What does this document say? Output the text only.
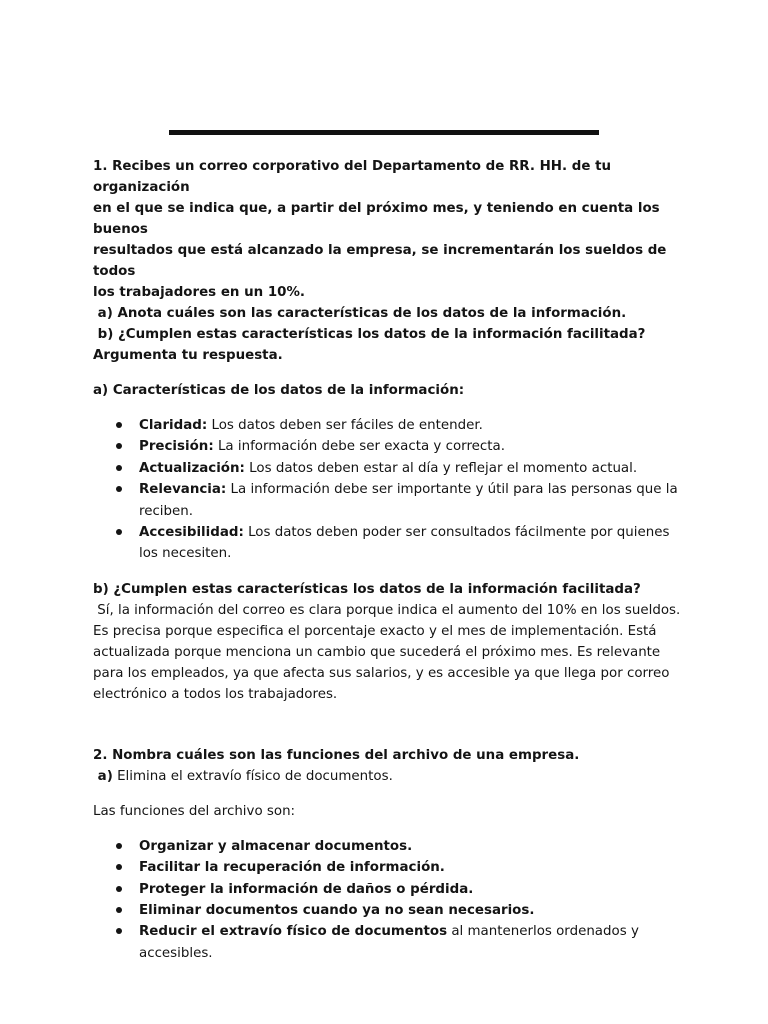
1. Recibes un correo corporativo del Departamento de RR. HH. de tu organización

en el que se indica que, a partir del próximo mes, y teniendo en cuenta los buenos

resultados que está alcanzado la empresa, se incrementarán los sueldos de todos

los trabajadores en un 10%.

a) Anota cuáles son las características de los datos de la información.

b) ¿Cumplen estas características los datos de la información facilitada?

Argumenta tu respuesta.

a) Características de los datos de la información:

Claridad: Los datos deben ser fáciles de entender.
Precisión: La información debe ser exacta y correcta.
Actualización: Los datos deben estar al día y reflejar el momento actual.
Relevancia: La información debe ser importante y útil para las personas que la
reciben.
Accesibilidad: Los datos deben poder ser consultados fácilmente por quienes
los necesiten.

b) ¿Cumplen estas características los datos de la información facilitada?

Sí, la información del correo es clara porque indica el aumento del 10% en los sueldos.

Es precisa porque especifica el porcentaje exacto y el mes de implementación. Está

actualizada porque menciona un cambio que sucederá el próximo mes. Es relevante

para los empleados, ya que afecta sus salarios, y es accesible ya que llega por correo

electrónico a todos los trabajadores.

2. Nombra cuáles son las funciones del archivo de una empresa.

a) Elimina el extravío físico de documentos.

Las funciones del archivo son:

Organizar y almacenar documentos.
Facilitar la recuperación de información.
Proteger la información de daños o pérdida.
Eliminar documentos cuando ya no sean necesarios.
Reducir el extravío físico de documentos al mantenerlos ordenados y
accesibles.
